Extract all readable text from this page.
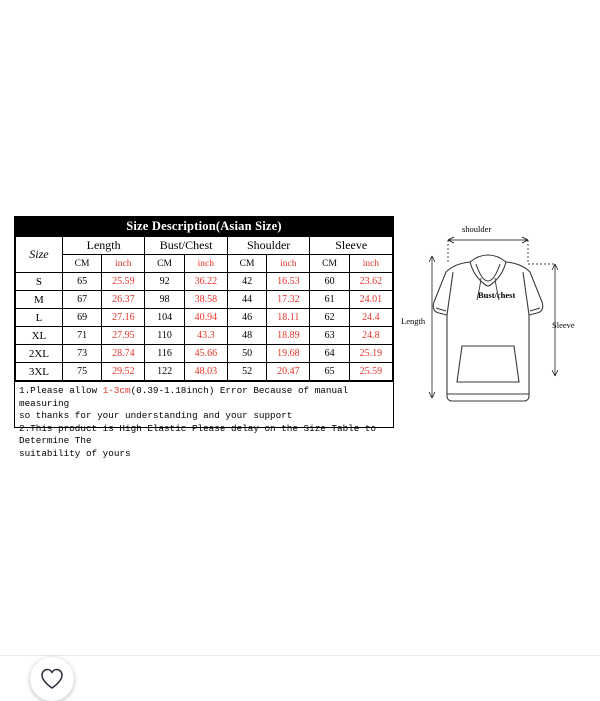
Size Description(Asian Size)
Size	Length		Bust/Chest		Shoulder		Sleeve	
	CM	inch	CM	inch	CM	inch	CM	inch
S	65	25.59	92	36.22	42	16.53	60	23.62
M	67	26.37	98	38.58	44	17.32	61	24.01
L	69	27.16	104	40.94	46	18.11	62	24.4
XL	71	27.95	110	43.3	48	18.89	63	24.8
2XL	73	28.74	116	45.66	50	19.68	64	25.19
3XL	75	29.52	122	48.03	52	20.47	65	25.59
1.Please allow 1-3cm(0.39-1.18inch) Error Because of manual measuring
so thanks for your understanding and your support
2.This product is High Elastic Please delay on the Size Table to Determine The
suitability of yours
shoulder
Bust/chest
Length	Sleeve
